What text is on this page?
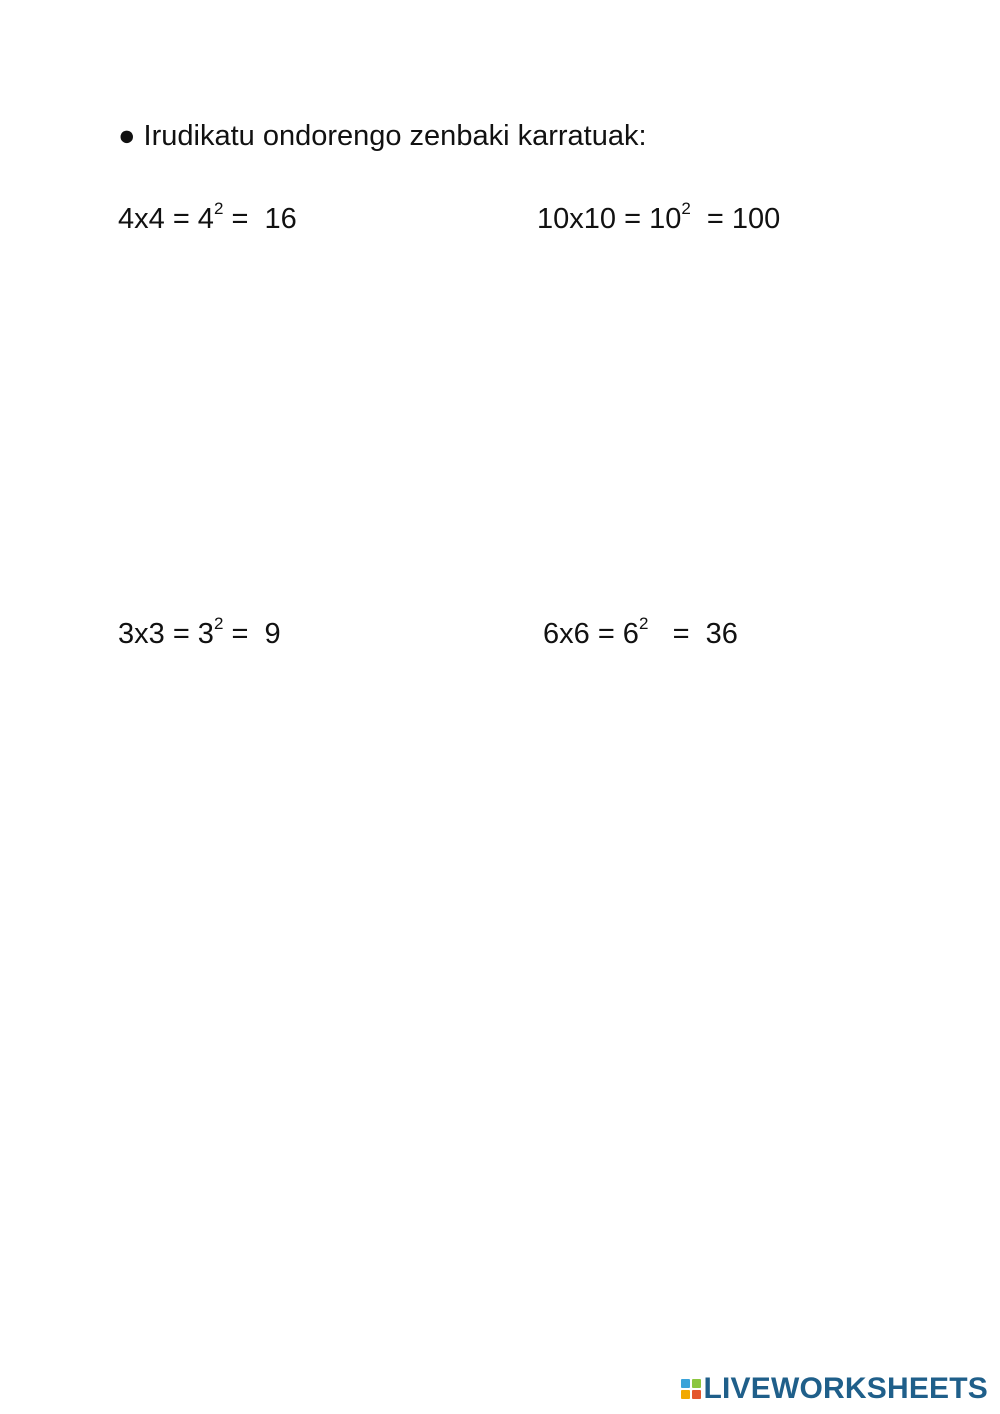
● Irudikatu ondorengo zenbaki karratuak:
$4x4 = 4^2 = 16$	$10x10 = 10^2 = 100$
$3x3 = 3^2 = 9$	$6x6 = 6^2 = 36$
LIVEWORKSHEETS
